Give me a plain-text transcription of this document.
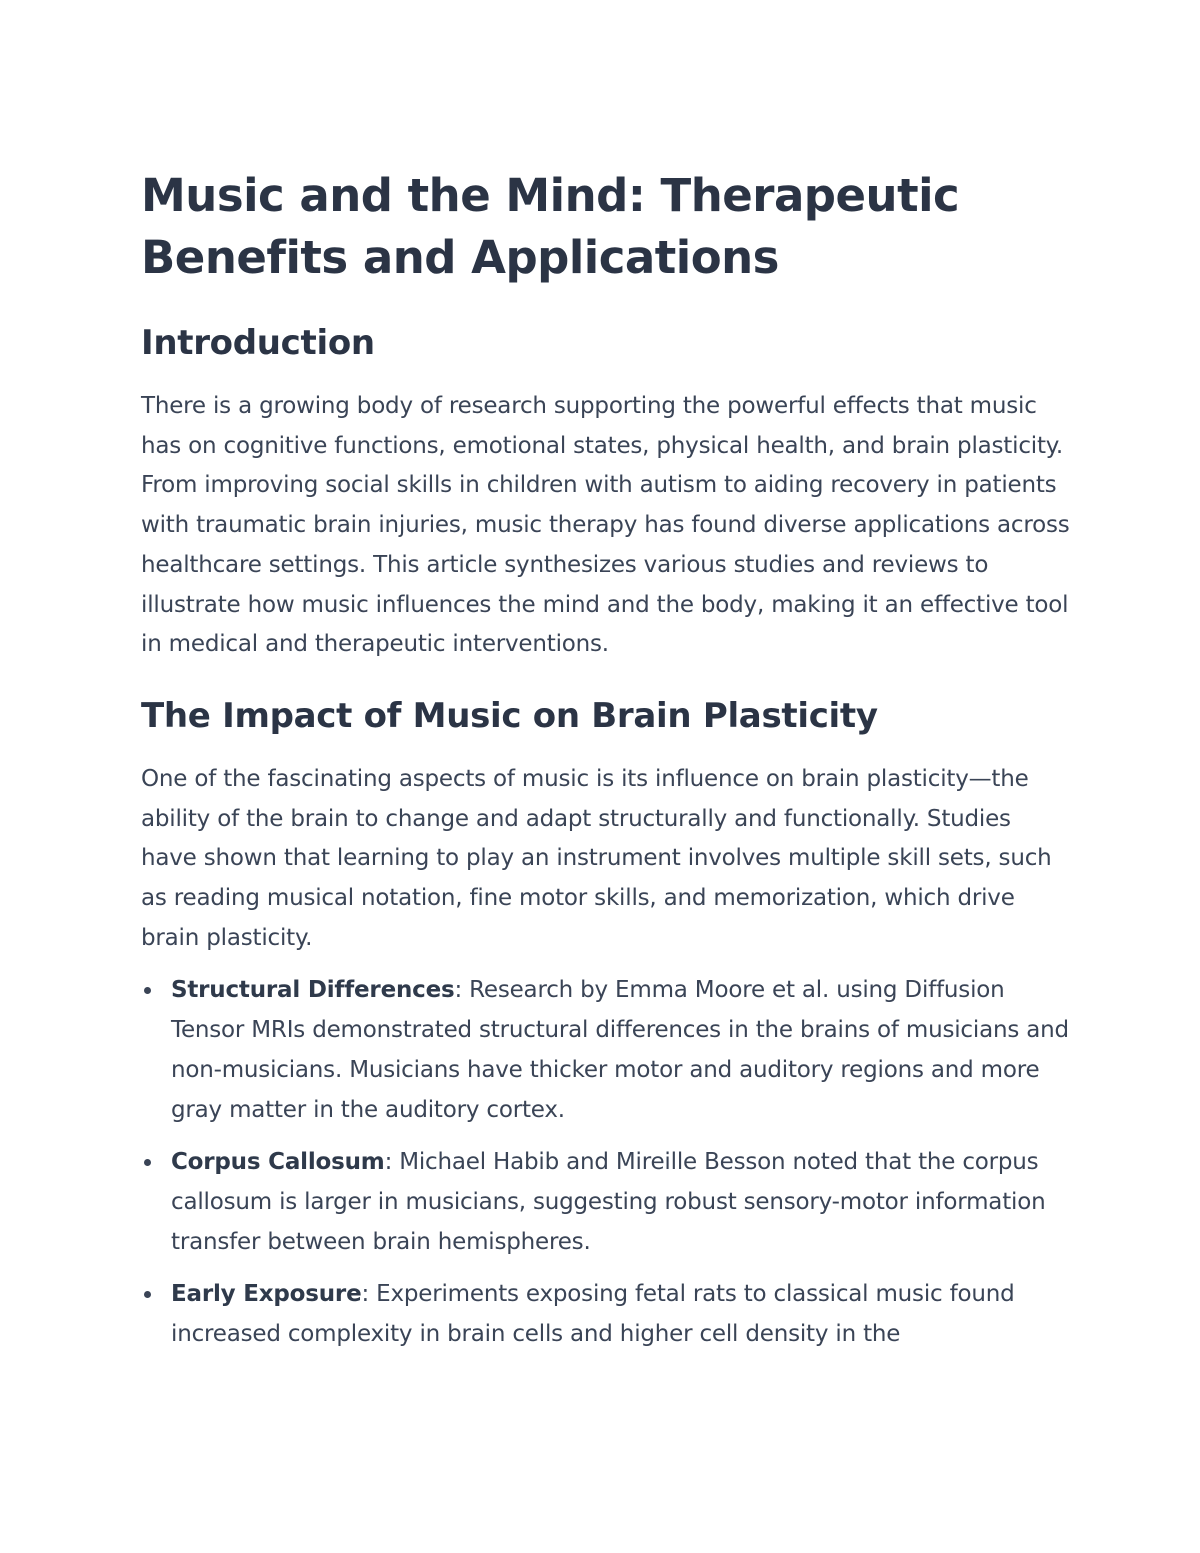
Music and the Mind: Therapeutic Benefits and Applications
Introduction

There is a growing body of research supporting the powerful effects that music has on cognitive functions, emotional states, physical health, and brain plasticity. From improving social skills in children with autism to aiding recovery in patients with traumatic brain injuries, music therapy has found diverse applications across healthcare settings. This article synthesizes various studies and reviews to illustrate how music influences the mind and the body, making it an effective tool in medical and therapeutic interventions.

The Impact of Music on Brain Plasticity

One of the fascinating aspects of music is its influence on brain plasticity—the ability of the brain to change and adapt structurally and functionally. Studies have shown that learning to play an instrument involves multiple skill sets, such as reading musical notation, fine motor skills, and memorization, which drive brain plasticity.

Structural Differences: Research by Emma Moore et al. using Diffusion Tensor MRIs demonstrated structural differences in the brains of musicians and non-musicians. Musicians have thicker motor and auditory regions and more gray matter in the auditory cortex.
Corpus Callosum: Michael Habib and Mireille Besson noted that the corpus callosum is larger in musicians, suggesting robust sensory-motor information transfer between brain hemispheres.
Early Exposure: Experiments exposing fetal rats to classical music found increased complexity in brain cells and higher cell density in the
